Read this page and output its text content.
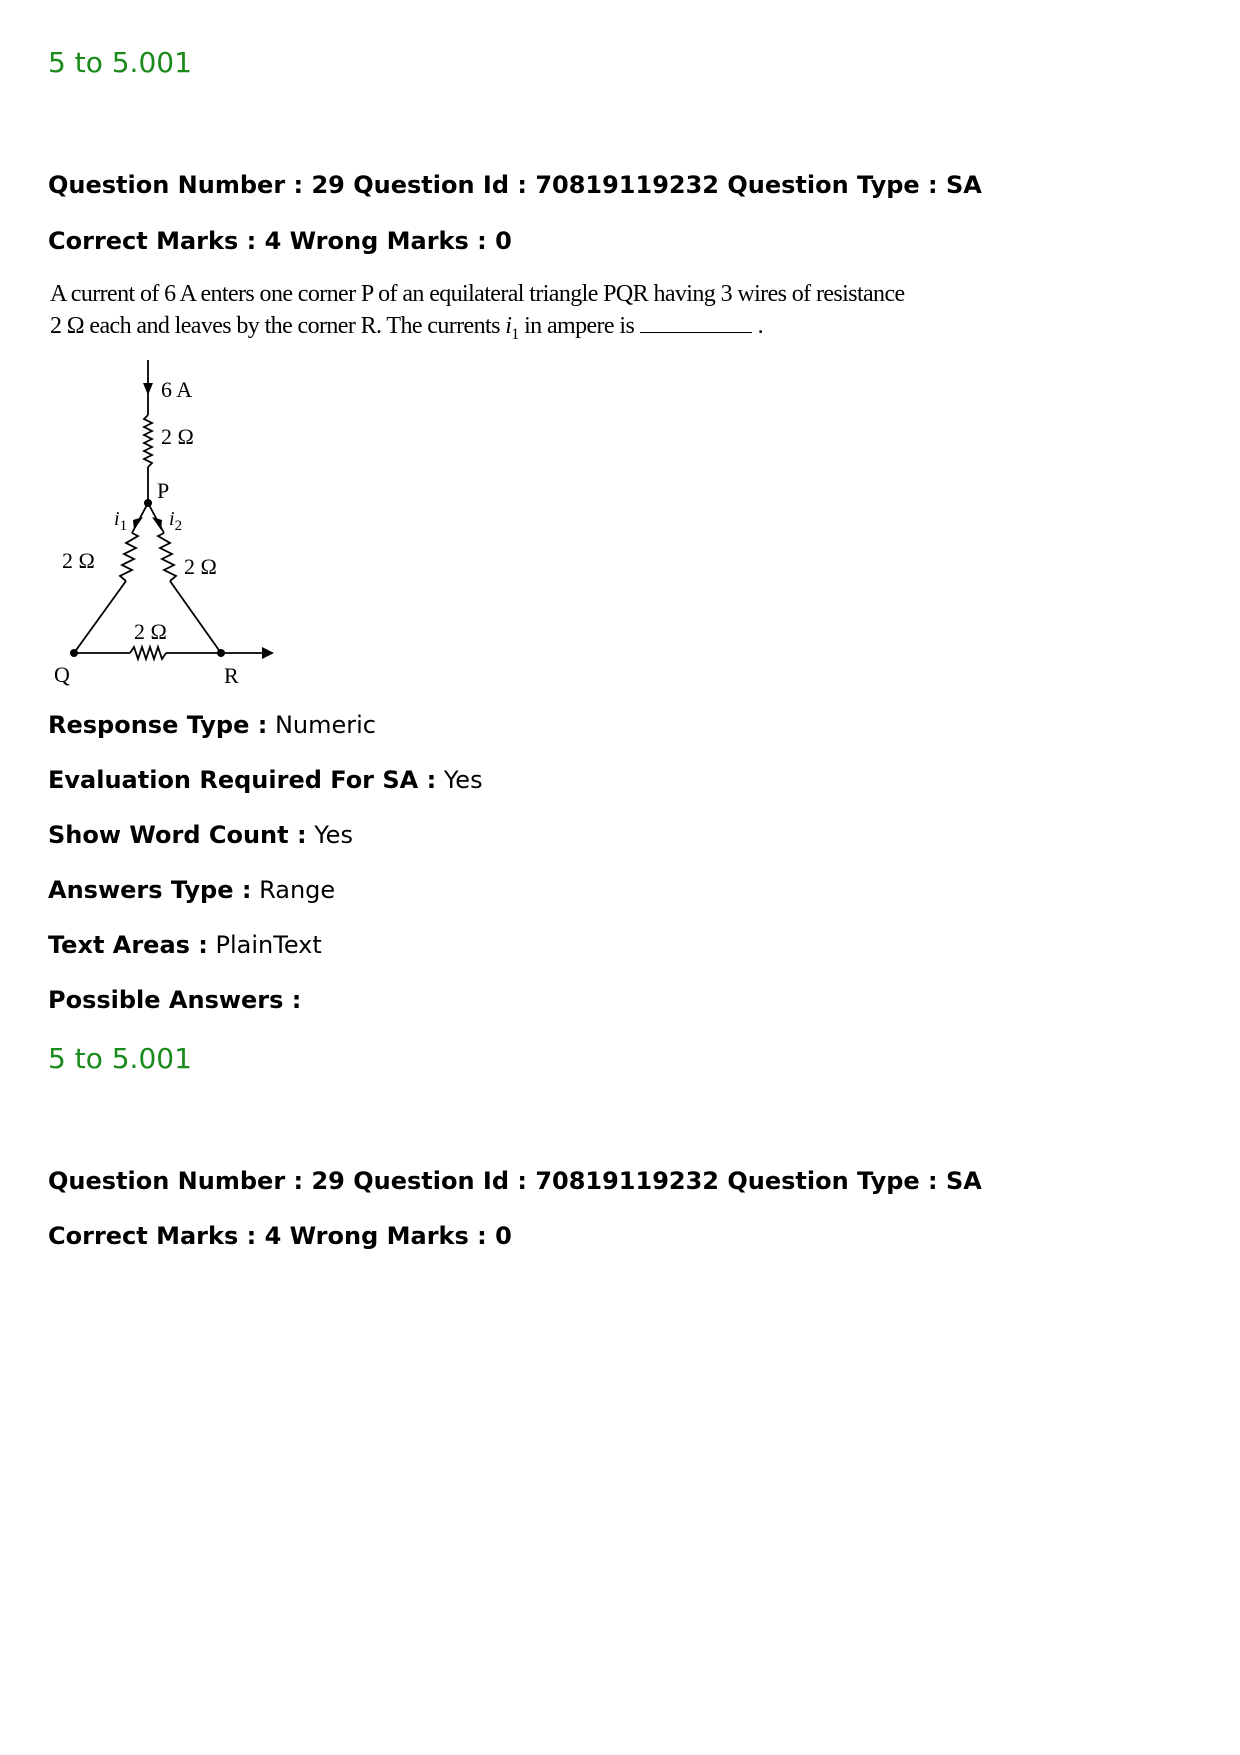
5 to 5.001
Question Number : 29 Question Id : 70819119232 Question Type : SA
Correct Marks : 4 Wrong Marks : 0
A current of 6 A enters one corner P of an equilateral triangle PQR having 3 wires of resistance
2 Ω each and leaves by the corner R. The currents $i_1$ in ampere is	.
6 A
2 Ω
P
$i_1$ $i_2$
2 Ω	2 Ω
2 Ω
Q	R
Response Type : Numeric
Evaluation Required For SA : Yes
Show Word Count : Yes
Answers Type : Range
Text Areas : PlainText
Possible Answers :
5 to 5.001
Question Number : 29 Question Id : 70819119232 Question Type : SA
Correct Marks : 4 Wrong Marks : 0
